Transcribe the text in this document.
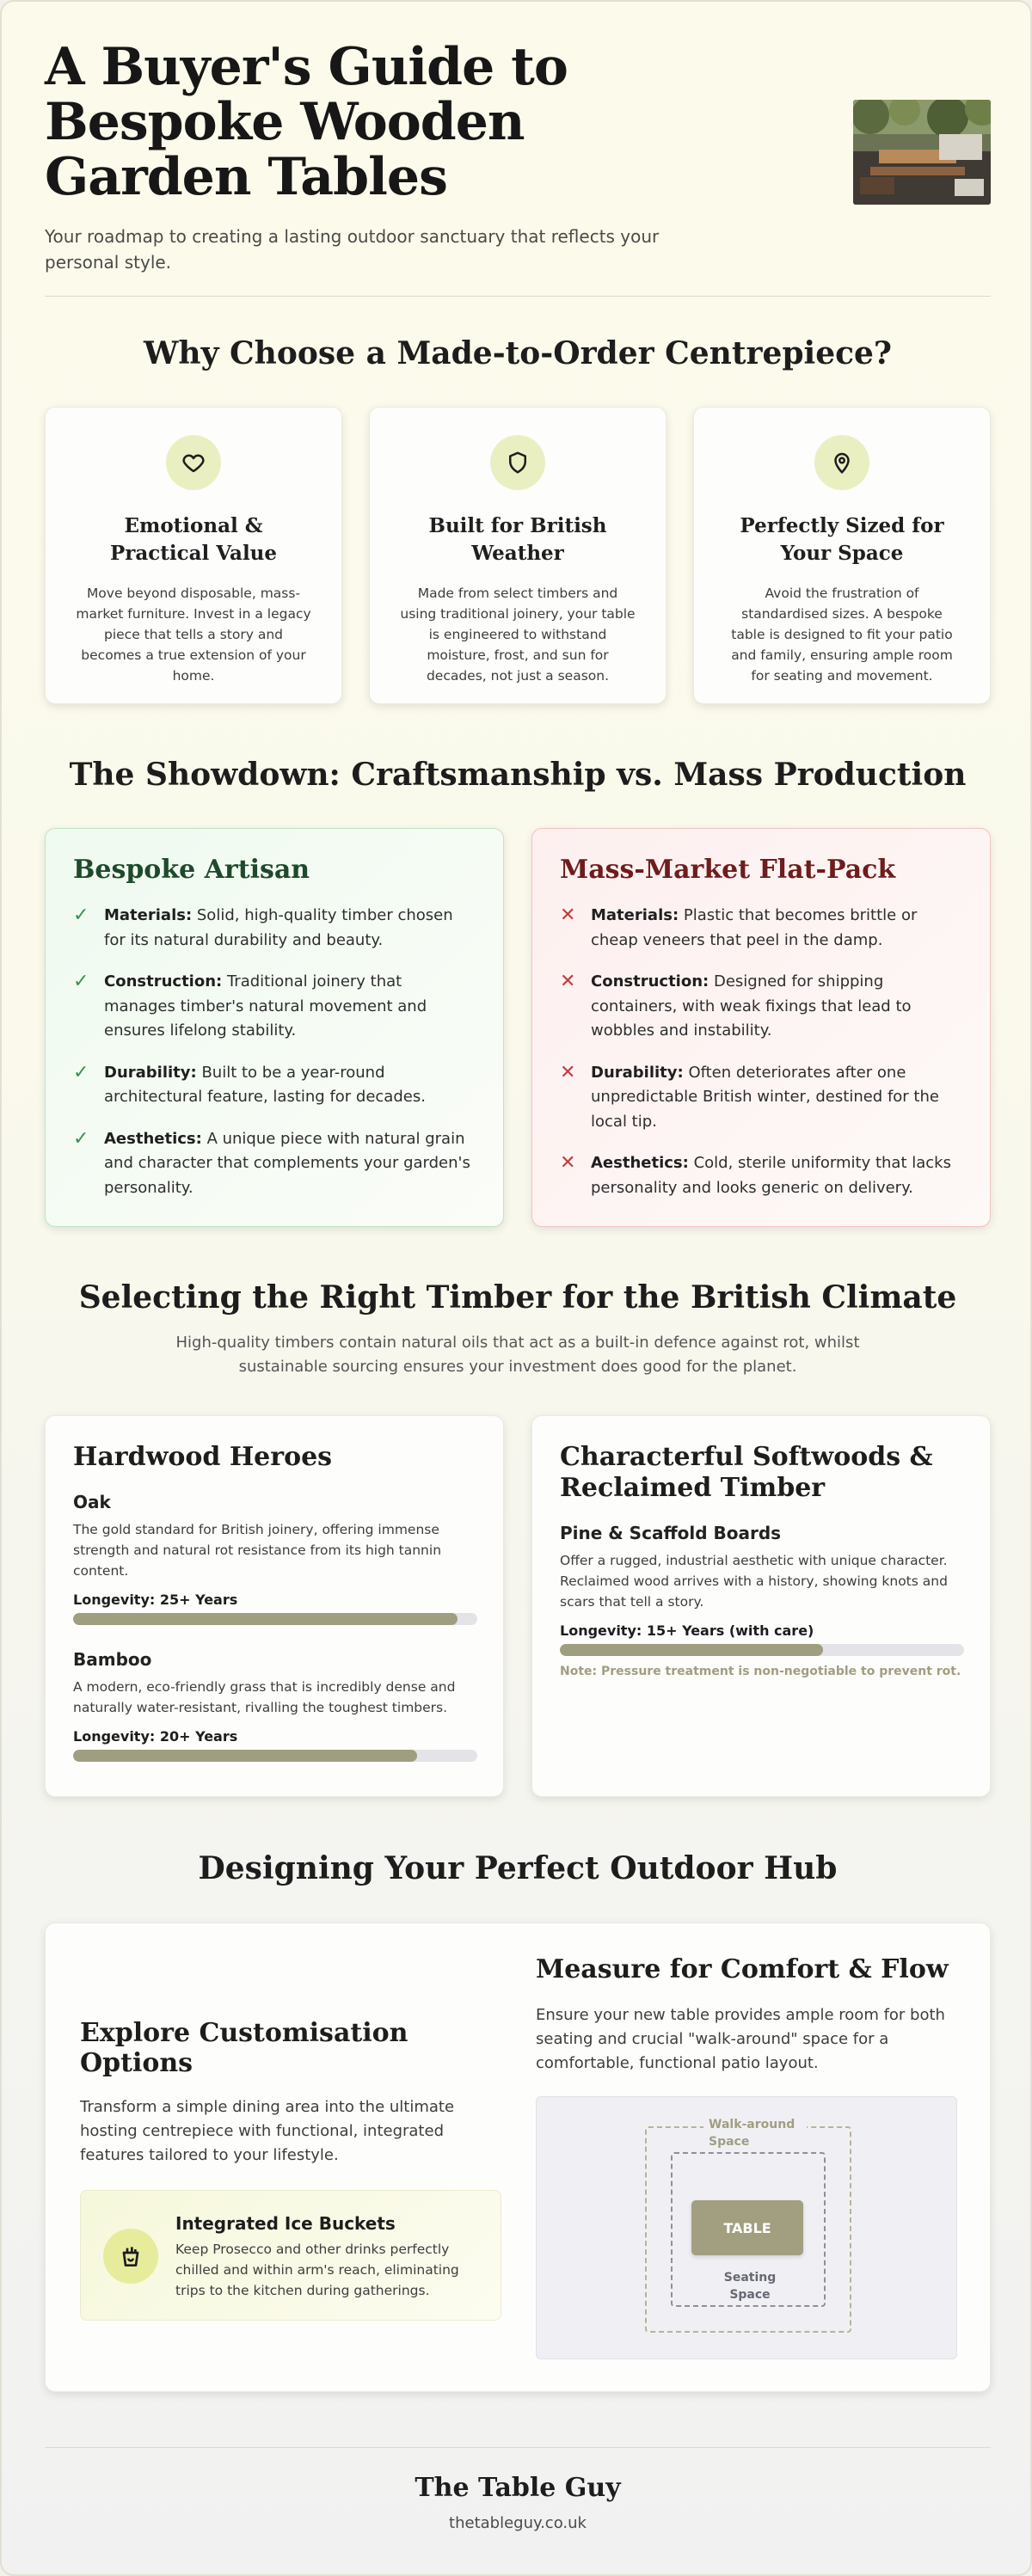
A Buyer's Guide to Bespoke Wooden Garden Tables

Your roadmap to creating a lasting outdoor sanctuary that reflects your personal style.

Why Choose a Made-to-Order Centrepiece?
Emotional & Practical Value

Move beyond disposable, mass-market furniture. Invest in a legacy piece that tells a story and becomes a true extension of your home.

Built for British Weather

Made from select timbers and using traditional joinery, your table is engineered to withstand moisture, frost, and sun for decades, not just a season.

Perfectly Sized for Your Space

Avoid the frustration of standardised sizes. A bespoke table is designed to fit your patio and family, ensuring ample room for seating and movement.

The Showdown: Craftsmanship vs. Mass Production
Bespoke Artisan
✓ Materials: Solid, high-quality timber chosen for its natural durability and beauty.
✓ Construction: Traditional joinery that manages timber's natural movement and ensures lifelong stability.
✓ Durability: Built to be a year-round architectural feature, lasting for decades.
✓ Aesthetics: A unique piece with natural grain and character that complements your garden's personality.
Mass-Market Flat-Pack
✕ Materials: Plastic that becomes brittle or cheap veneers that peel in the damp.
✕ Construction: Designed for shipping containers, with weak fixings that lead to wobbles and instability.
✕ Durability: Often deteriorates after one unpredictable British winter, destined for the local tip.
✕ Aesthetics: Cold, sterile uniformity that lacks personality and looks generic on delivery.
Selecting the Right Timber for the British Climate

High-quality timbers contain natural oils that act as a built-in defence against rot, whilst sustainable sourcing ensures your investment does good for the planet.

Hardwood Heroes
Oak

The gold standard for British joinery, offering immense strength and natural rot resistance from its high tannin content.

Longevity: 25+ Years
Bamboo

A modern, eco-friendly grass that is incredibly dense and naturally water-resistant, rivalling the toughest timbers.

Longevity: 20+ Years
Characterful Softwoods & Reclaimed Timber
Pine & Scaffold Boards

Offer a rugged, industrial aesthetic with unique character. Reclaimed wood arrives with a history, showing knots and scars that tell a story.

Longevity: 15+ Years (with care)
Note: Pressure treatment is non-negotiable to prevent rot.
Designing Your Perfect Outdoor Hub
Explore Customisation Options

Transform a simple dining area into the ultimate hosting centrepiece with functional, integrated features tailored to your lifestyle.

Integrated Ice Buckets

Keep Prosecco and other drinks perfectly chilled and within arm's reach, eliminating trips to the kitchen during gatherings.

Measure for Comfort & Flow

Ensure your new table provides ample room for both seating and crucial "walk-around" space for a comfortable, functional patio layout.

Walk-around Space
TABLE
Seating Space
The Table Guy
thetableguy.co.uk
